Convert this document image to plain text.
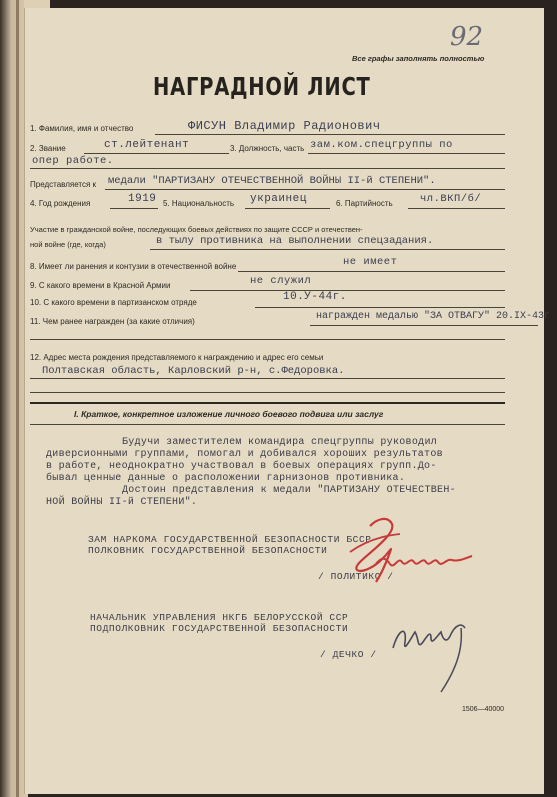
92
Все графы заполнять полностью
НАГРАДНОЙ ЛИСТ
1. Фамилия, имя и отчество	ФИСУН Владимир Радионович
2. Звание	ст.лейтенант	3. Должность, часть зам.ком.спецгруппы по
опер работе.
Представляется к медали "ПАРТИЗАНУ ОТЕЧЕСТВЕННОЙ ВОЙНЫ II-й СТЕПЕНИ".
4. Год рождения	1919 5. Национальность украинец	6. Партийность	чл.ВКП/б/
Участие в гражданской войне, последующих боевых действиях по защите СССР и отечествен-
ной войне (где, когда)	в тылу противника на выполнении спецзадания.
8. Имеет ли ранения и контузии в отечественной войне	не имеет
9. С какого времени в Красной Армии	не служил
10. С какого времени в партизанском отряде	10.У-44г.
11. Чем ранее награжден (за какие отличия)	награжден медалью "ЗА ОТВАГУ" 20.IX-43г
12. Адрес места рождения представляемого к награждению и адрес его семьи
Полтавская область, Карловский р-н, с.Федоровка.
I. Краткое, конкретное изложение личного боевого подвига или заслуг
Будучи заместителем командира спецгруппы руководил
диверсионными группами, помогал и добивался хороших результатов
в работе, неоднократно участвовал в боевых операциях групп.До-
бывал ценные данные о расположении гарнизонов противника.
Достоин представления к медали "ПАРТИЗАНУ ОТЕЧЕСТВЕН-
НОЙ ВОЙНЫ II-й СТЕПЕНИ".
ЗАМ НАРКОМА ГОСУДАРСТВЕННОЙ БЕЗОПАСНОСТИ БССР
ПОЛКОВНИК ГОСУДАРСТВЕННОЙ БЕЗОПАСНОСТИ
/ ПОЛИТИКО /
НАЧАЛЬНИК УПРАВЛЕНИЯ НКГБ БЕЛОРУССКОЙ ССР
ПОДПОЛКОВНИК ГОСУДАРСТВЕННОЙ БЕЗОПАСНОСТИ
/ ДЕЧКО /
1506—40000
